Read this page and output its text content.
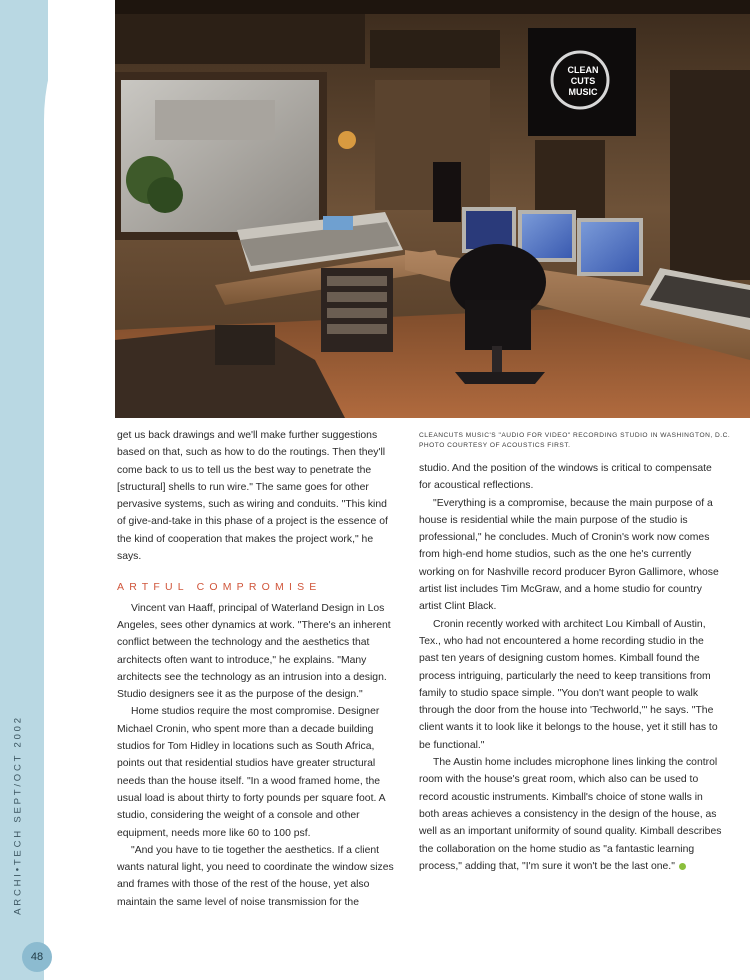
ARCHI•TECH SEPT/OCT 2002
48
CLEAN
CUTS
MUSIC
CLEANCUTS MUSIC'S "AUDIO FOR VIDEO" RECORDING STUDIO IN WASHINGTON, D.C.
PHOTO COURTESY OF ACOUSTICS FIRST.

get us back drawings and we'll make further suggestions based on that, such as how to do the routings. Then they'll come back to us to tell us the best way to penetrate the [structural] shells to run wire." The same goes for other pervasive systems, such as wiring and conduits. "This kind of give-and-take in this phase of a project is the essence of the kind of cooperation that makes the project work," he says.

ARTFUL COMPROMISE

Vincent van Haaff, principal of Waterland Design in Los Angeles, sees other dynamics at work. "There's an inherent conflict between the technology and the aesthetics that architects often want to introduce," he explains. "Many architects see the technology as an intrusion into a design. Studio designers see it as the purpose of the design."

Home studios require the most compromise. Designer Michael Cronin, who spent more than a decade building studios for Tom Hidley in locations such as South Africa, points out that residential studios have greater structural needs than the house itself. "In a wood framed home, the usual load is about thirty to forty pounds per square foot. A studio, considering the weight of a console and other equipment, needs more like 60 to 100 psf.

"And you have to tie together the aesthetics. If a client wants natural light, you need to coordinate the window sizes and frames with those of the rest of the house, yet also maintain the same level of noise transmission for the

studio. And the position of the windows is critical to compensate for acoustical reflections.

"Everything is a compromise, because the main purpose of a house is residential while the main purpose of the studio is professional," he concludes. Much of Cronin's work now comes from high-end home studios, such as the one he's currently working on for Nashville record producer Byron Gallimore, whose artist list includes Tim McGraw, and a home studio for country artist Clint Black.

Cronin recently worked with architect Lou Kimball of Austin, Tex., who had not encountered a home recording studio in the past ten years of designing custom homes. Kimball found the process intriguing, particularly the need to keep transitions from family to studio space simple. "You don't want people to walk through the door from the house into 'Techworld,'" he says. "The client wants it to look like it belongs to the house, yet it still has to be functional."

The Austin home includes microphone lines linking the control room with the house's great room, which also can be used to record acoustic instruments. Kimball's choice of stone walls in both areas achieves a consistency in the design of the house, as well as an important uniformity of sound quality. Kimball describes the collaboration on the home studio as "a fantastic learning process," adding that, "I'm sure it won't be the last one."
